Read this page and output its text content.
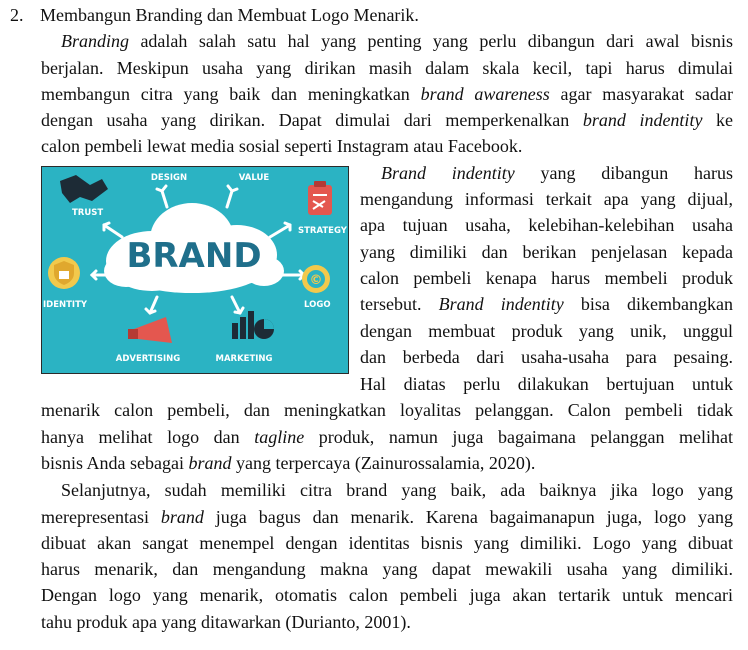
2. Membangun Branding dan Membuat Logo Menarik.
Branding adalah salah satu hal yang penting yang perlu dibangun dari awal bisnis
berjalan. Meskipun usaha yang dirikan masih dalam skala kecil, tapi harus dimulai
membangun citra yang baik dan meningkatkan brand awareness agar masyarakat sadar
dengan usaha yang dirikan. Dapat dimulai dari memperkenalkan brand indentity ke
calon pembeli lewat media sosial seperti Instagram atau Facebook.
BRAND
DESIGN	VALUE
TRUST
STRATEGY
IDENTITY	LOGO
ADVERTISING	MARKETING
©
Brand indentity yang dibangun harus
mengandung informasi terkait apa yang dijual,
apa tujuan usaha, kelebihan-kelebihan usaha
yang dimiliki dan berikan penjelasan kepada
calon pembeli kenapa harus membeli produk
tersebut. Brand indentity bisa dikembangkan
dengan membuat produk yang unik, unggul
dan berbeda dari usaha-usaha para pesaing.
Hal diatas perlu dilakukan bertujuan untuk
menarik calon pembeli, dan meningkatkan loyalitas pelanggan. Calon pembeli tidak
hanya melihat logo dan tagline produk, namun juga bagaimana pelanggan melihat
bisnis Anda sebagai brand yang terpercaya (Zainurossalamia, 2020).
Selanjutnya, sudah memiliki citra brand yang baik, ada baiknya jika logo yang
merepresentasi brand juga bagus dan menarik. Karena bagaimanapun juga, logo yang
dibuat akan sangat menempel dengan identitas bisnis yang dimiliki. Logo yang dibuat
harus menarik, dan mengandung makna yang dapat mewakili usaha yang dimiliki.
Dengan logo yang menarik, otomatis calon pembeli juga akan tertarik untuk mencari
tahu produk apa yang ditawarkan (Durianto, 2001).
